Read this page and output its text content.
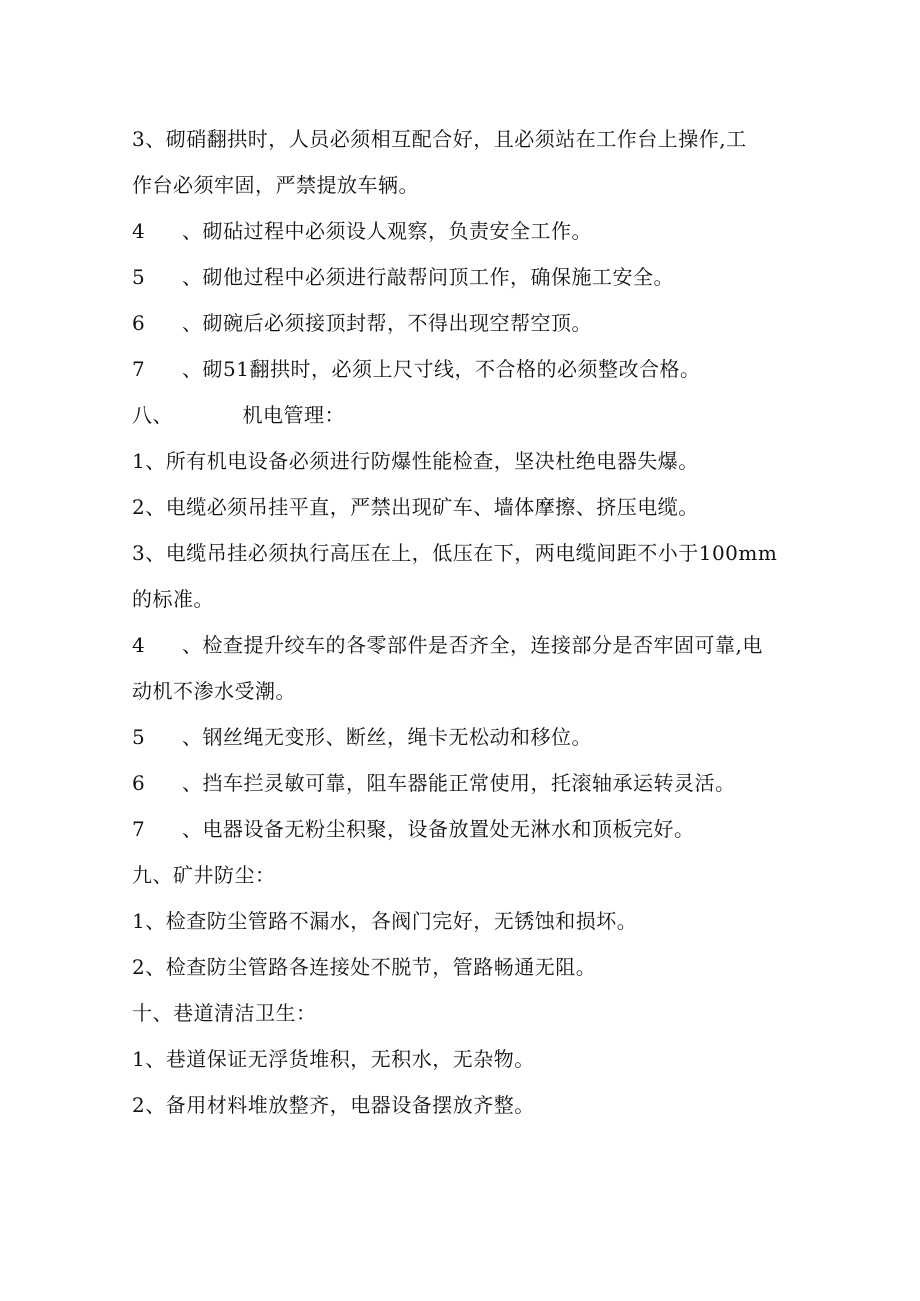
3、砌硝翻拱时，人员必须相互配合好，且必须站在工作台上操作,工
作台必须牢固，严禁提放车辆。
4 、砌砧过程中必须设人观察，负责安全工作。
5 、砌他过程中必须进行敲帮问顶工作，确保施工安全。
6 、砌碗后必须接顶封帮，不得出现空帮空顶。
7 、砌51翻拱时，必须上尺寸线，不合格的必须整改合格。
八、	机电管理：
1、所有机电设备必须进行防爆性能检查，坚决杜绝电器失爆。
2、电缆必须吊挂平直，严禁出现矿车、墙体摩擦、挤压电缆。
3、电缆吊挂必须执行高压在上，低压在下，两电缆间距不小于100mm
的标准。
4 、检查提升绞车的各零部件是否齐全，连接部分是否牢固可靠,电
动机不渗水受潮。
5 、钢丝绳无变形、断丝，绳卡无松动和移位。
6 、挡车拦灵敏可靠，阻车器能正常使用，托滚轴承运转灵活。
7 、电器设备无粉尘积聚，设备放置处无淋水和顶板完好。
九、矿井防尘：
1、检查防尘管路不漏水，各阀门完好，无锈蚀和损坏。
2、检查防尘管路各连接处不脱节，管路畅通无阻。
十、巷道清洁卫生：
1、巷道保证无浮货堆积，无积水，无杂物。
2、备用材料堆放整齐，电器设备摆放齐整。
